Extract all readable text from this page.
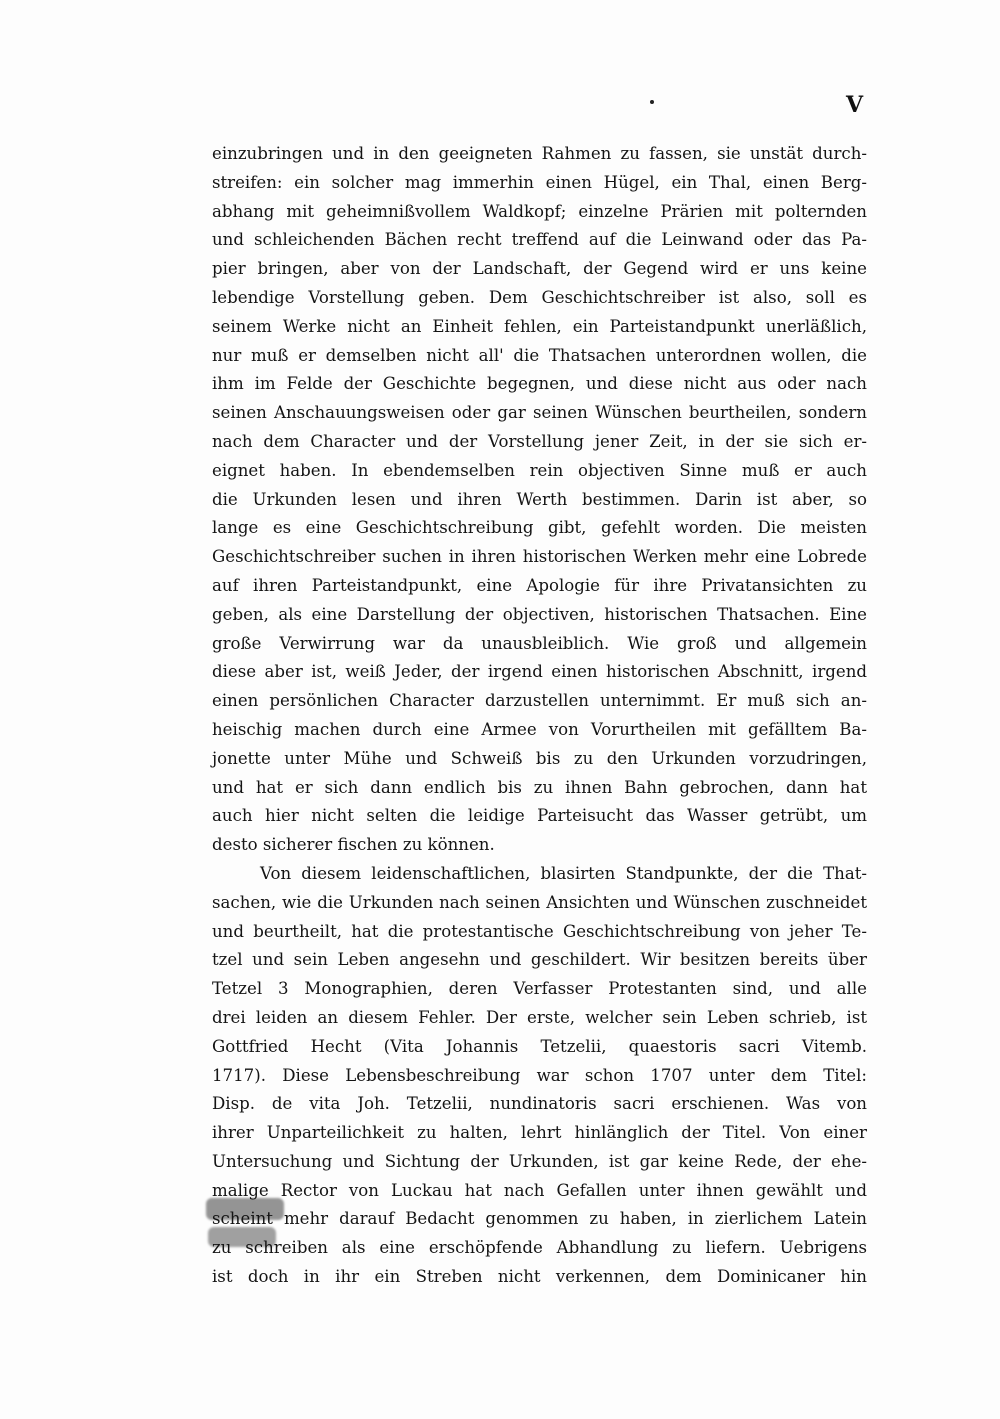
V
einzubringen und in den geeigneten Rahmen zu fassen, sie unstät durch-
streifen: ein solcher mag immerhin einen Hügel, ein Thal, einen Berg-
abhang mit geheimnißvollem Waldkopf; einzelne Prärien mit polternden
und schleichenden Bächen recht treffend auf die Leinwand oder das Pa-
pier bringen, aber von der Landschaft, der Gegend wird er uns keine
lebendige Vorstellung geben. Dem Geschichtschreiber ist also, soll es
seinem Werke nicht an Einheit fehlen, ein Parteistandpunkt unerläßlich,
nur muß er demselben nicht all' die Thatsachen unterordnen wollen, die
ihm im Felde der Geschichte begegnen, und diese nicht aus oder nach
seinen Anschauungsweisen oder gar seinen Wünschen beurtheilen, sondern
nach dem Character und der Vorstellung jener Zeit, in der sie sich er-
eignet haben. In ebendemselben rein objectiven Sinne muß er auch
die Urkunden lesen und ihren Werth bestimmen. Darin ist aber, so
lange es eine Geschichtschreibung gibt, gefehlt worden. Die meisten
Geschichtschreiber suchen in ihren historischen Werken mehr eine Lobrede
auf ihren Parteistandpunkt, eine Apologie für ihre Privatansichten zu
geben, als eine Darstellung der objectiven, historischen Thatsachen. Eine
große Verwirrung war da unausbleiblich. Wie groß und allgemein
diese aber ist, weiß Jeder, der irgend einen historischen Abschnitt, irgend
einen persönlichen Character darzustellen unternimmt. Er muß sich an-
heischig machen durch eine Armee von Vorurtheilen mit gefälltem Ba-
jonette unter Mühe und Schweiß bis zu den Urkunden vorzudringen,
und hat er sich dann endlich bis zu ihnen Bahn gebrochen, dann hat
auch hier nicht selten die leidige Parteisucht das Wasser getrübt, um
desto sicherer fischen zu können.
Von diesem leidenschaftlichen, blasirten Standpunkte, der die That-
sachen, wie die Urkunden nach seinen Ansichten und Wünschen zuschneidet
und beurtheilt, hat die protestantische Geschichtschreibung von jeher Te-
tzel und sein Leben angesehn und geschildert. Wir besitzen bereits über
Tetzel 3 Monographien, deren Verfasser Protestanten sind, und alle
drei leiden an diesem Fehler. Der erste, welcher sein Leben schrieb, ist
Gottfried Hecht (Vita Johannis Tetzelii, quaestoris sacri Vitemb.
1717). Diese Lebensbeschreibung war schon 1707 unter dem Titel:
Disp. de vita Joh. Tetzelii, nundinatoris sacri erschienen. Was von
ihrer Unparteilichkeit zu halten, lehrt hinlänglich der Titel. Von einer
Untersuchung und Sichtung der Urkunden, ist gar keine Rede, der ehe-
malige Rector von Luckau hat nach Gefallen unter ihnen gewählt und
scheint mehr darauf Bedacht genommen zu haben, in zierlichem Latein
zu schreiben als eine erschöpfende Abhandlung zu liefern. Uebrigens
ist doch in ihr ein Streben nicht verkennen, dem Dominicaner hin
